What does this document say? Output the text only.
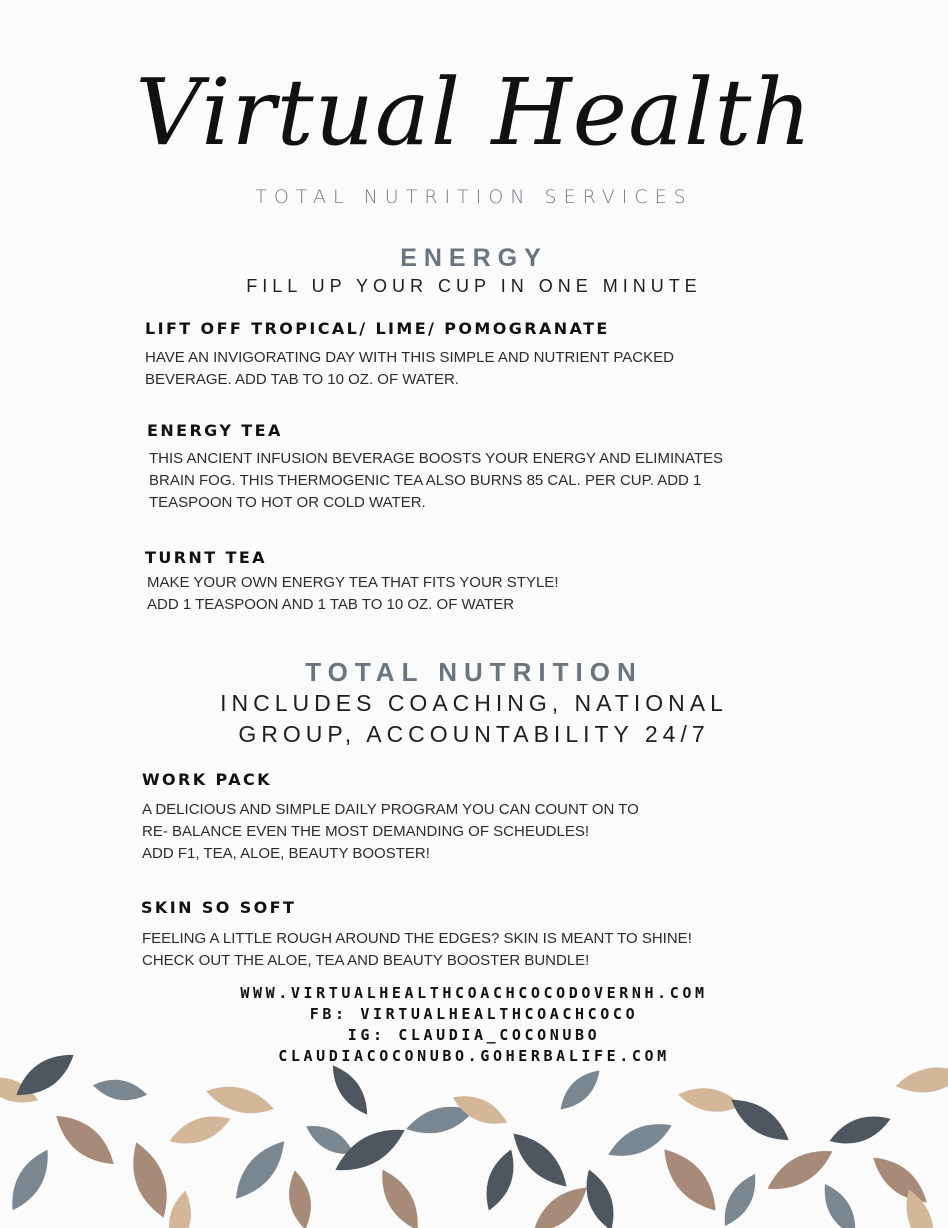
Virtual Health
TOTAL NUTRITION SERVICES
ENERGY
FILL UP YOUR CUP IN ONE MINUTE
LIFT OFF TROPICAL/ LIME/ POMOGRANATE
HAVE AN INVIGORATING DAY WITH THIS SIMPLE AND NUTRIENT PACKED
BEVERAGE. ADD TAB TO 10 OZ. OF WATER.
ENERGY TEA
THIS ANCIENT INFUSION BEVERAGE BOOSTS YOUR ENERGY AND ELIMINATES
BRAIN FOG. THIS THERMOGENIC TEA ALSO BURNS 85 CAL. PER CUP. ADD 1
TEASPOON TO HOT OR COLD WATER.
TURNT TEA
MAKE YOUR OWN ENERGY TEA THAT FITS YOUR STYLE!
ADD 1 TEASPOON AND 1 TAB TO 10 OZ. OF WATER
TOTAL NUTRITION
INCLUDES COACHING, NATIONAL
GROUP, ACCOUNTABILITY 24/7
WORK PACK
A DELICIOUS AND SIMPLE DAILY PROGRAM YOU CAN COUNT ON TO
RE- BALANCE EVEN THE MOST DEMANDING OF SCHEUDLES!
ADD F1, TEA, ALOE, BEAUTY BOOSTER!
SKIN SO SOFT
FEELING A LITTLE ROUGH AROUND THE EDGES? SKIN IS MEANT TO SHINE!
CHECK OUT THE ALOE, TEA AND BEAUTY BOOSTER BUNDLE!
WWW.VIRTUALHEALTHCOACHCOCODOVERNH.COM
FB: VIRTUALHEALTHCOACHCOCO
IG: CLAUDIA_COCONUBO
CLAUDIACOCONUBO.GOHERBALIFE.COM
